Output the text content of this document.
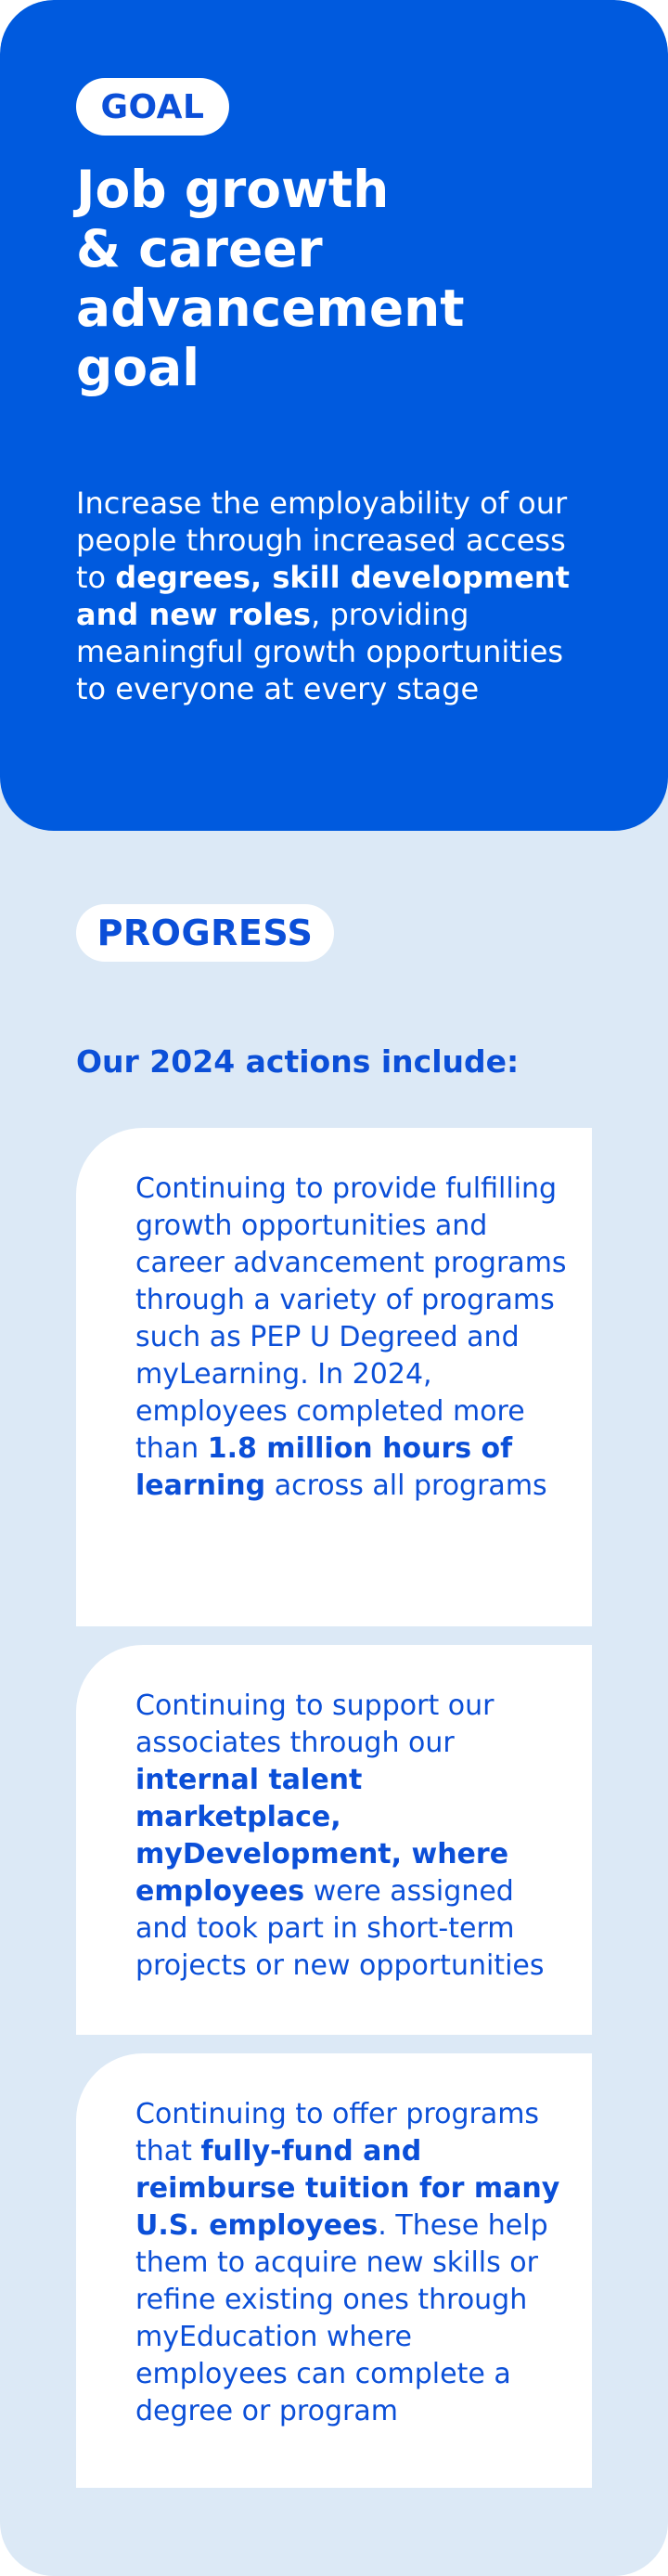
GOAL
Job growth
& career
advancement
goal

Increase the employability of our people through increased access to degrees, skill development and new roles, providing meaningful growth opportunities to everyone at every stage

PROGRESS
Our 2024 actions include:

Continuing to provide fulfilling growth opportunities and career advancement programs through a variety of programs such as PEP U Degreed and myLearning. In 2024, employees completed more than 1.8 million hours of learning across all programs

Continuing to support our associates through our internal talent marketplace, myDevelopment, where employees were assigned and took part in short-term projects or new opportunities

Continuing to offer programs that fully-fund and reimburse tuition for many U.S. employees. These help them to acquire new skills or refine existing ones through myEducation where employees can complete a degree or program
